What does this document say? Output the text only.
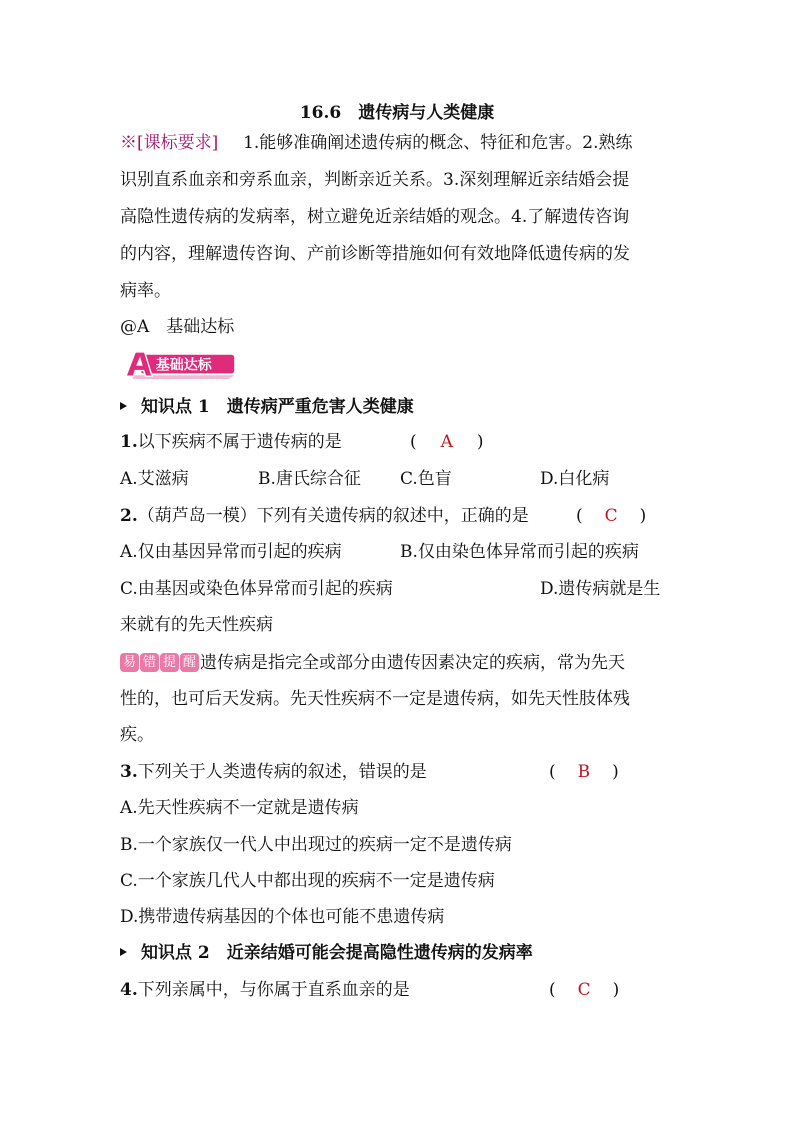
16.6　遗传病与人类健康
※[课标要求] 1.能够准确阐述遗传病的概念、特征和危害。2.熟练
识别直系血亲和旁系血亲，判断亲近关系。3.深刻理解近亲结婚会提
高隐性遗传病的发病率，树立避免近亲结婚的观念。4.了解遗传咨询
的内容，理解遗传咨询、产前诊断等措施如何有效地降低遗传病的发
病率。
@A　基础达标
基础达标
知识点 1　遗传病严重危害人类健康
1.以下疾病不属于遗传病的是	( A )
A.艾滋病	B.唐氏综合征 C.色盲	D.白化病
2.（葫芦岛一模）下列有关遗传病的叙述中，正确的是	( C )
A.仅由基因异常而引起的疾病	B.仅由染色体异常而引起的疾病
C.由基因或染色体异常而引起的疾病	D.遗传病就是生
来就有的先天性疾病
易 错 提 醒 遗传病是指完全或部分由遗传因素决定的疾病，常为先天
性的，也可后天发病。先天性疾病不一定是遗传病，如先天性肢体残
疾。
3.下列关于人类遗传病的叙述，错误的是	( B )
A.先天性疾病不一定就是遗传病
B.一个家族仅一代人中出现过的疾病一定不是遗传病
C.一个家族几代人中都出现的疾病不一定是遗传病
D.携带遗传病基因的个体也可能不患遗传病
知识点 2　近亲结婚可能会提高隐性遗传病的发病率
4.下列亲属中，与你属于直系血亲的是	( C )
